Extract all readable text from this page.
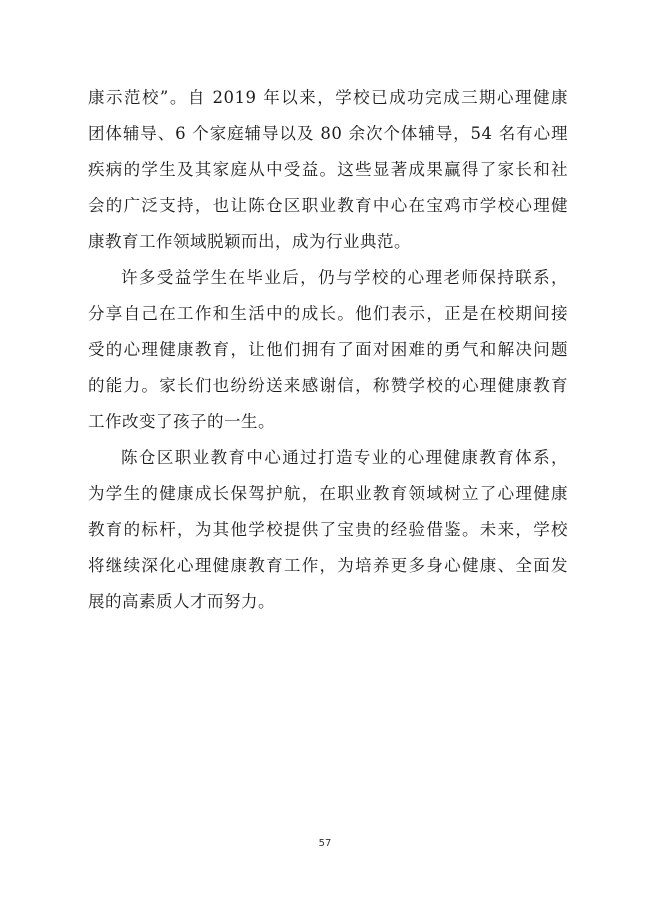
康示范校”。自 2019 年以来，学校已成功完成三期心理健康
团体辅导、6 个家庭辅导以及 80 余次个体辅导，54 名有心理
疾病的学生及其家庭从中受益。这些显著成果赢得了家长和社
会的广泛支持，也让陈仓区职业教育中心在宝鸡市学校心理健
康教育工作领域脱颖而出，成为行业典范。
许多受益学生在毕业后，仍与学校的心理老师保持联系，
分享自己在工作和生活中的成长。他们表示，正是在校期间接
受的心理健康教育，让他们拥有了面对困难的勇气和解决问题
的能力。家长们也纷纷送来感谢信，称赞学校的心理健康教育
工作改变了孩子的一生。
陈仓区职业教育中心通过打造专业的心理健康教育体系，
为学生的健康成长保驾护航，在职业教育领域树立了心理健康
教育的标杆，为其他学校提供了宝贵的经验借鉴。未来，学校
将继续深化心理健康教育工作，为培养更多身心健康、全面发
展的高素质人才而努力。
57
